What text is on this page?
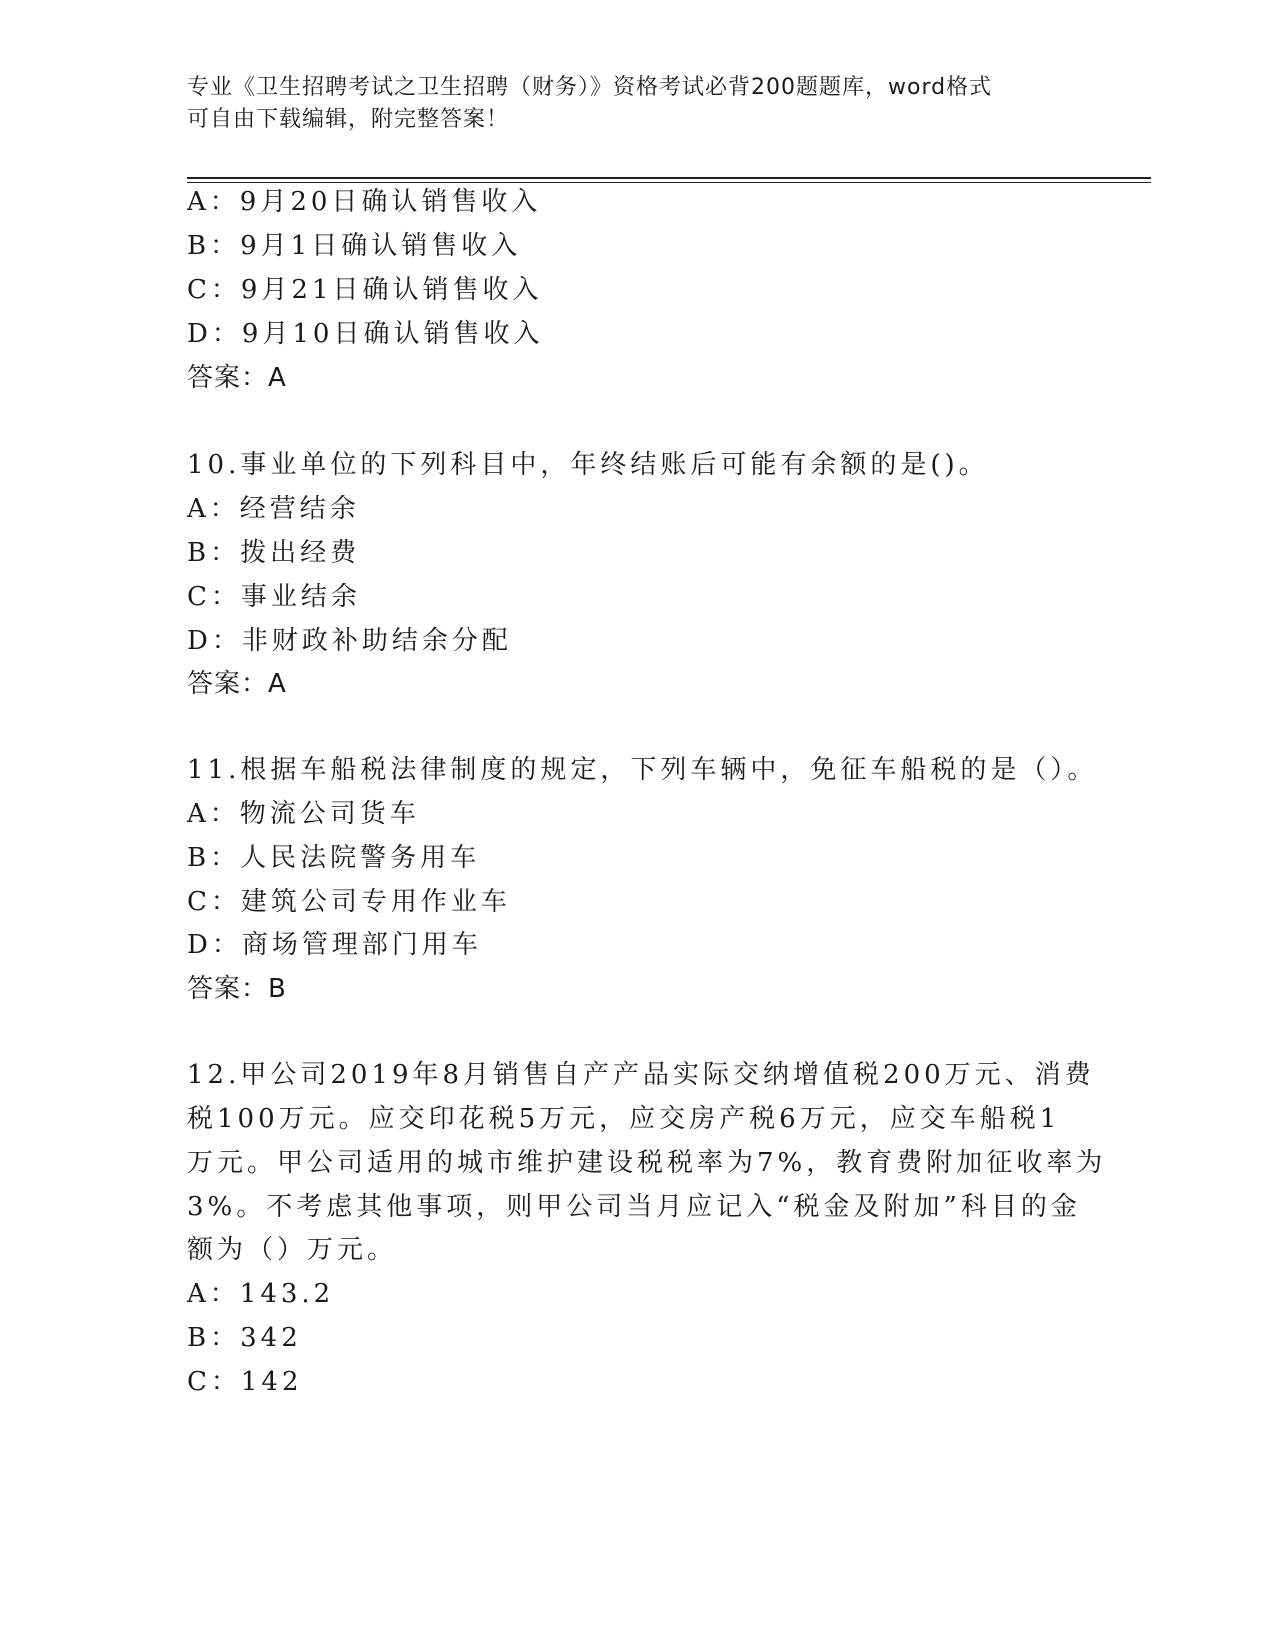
专业《卫生招聘考试之卫生招聘（财务）》资格考试必背200题题库，word格式
可自由下载编辑，附完整答案！
A：9月20日确认销售收入
B：9月1日确认销售收入
C：9月21日确认销售收入
D：9月10日确认销售收入
答案：A
10.事业单位的下列科目中，年终结账后可能有余额的是()。
A：经营结余
B：拨出经费
C：事业结余
D：非财政补助结余分配
答案：A
11.根据车船税法律制度的规定，下列车辆中，免征车船税的是（）。
A：物流公司货车
B：人民法院警务用车
C：建筑公司专用作业车
D：商场管理部门用车
答案：B
12.甲公司2019年8月销售自产产品实际交纳增值税200万元、消费
税100万元。应交印花税5万元，应交房产税6万元，应交车船税1
万元。甲公司适用的城市维护建设税税率为7%，教育费附加征收率为
3%。不考虑其他事项，则甲公司当月应记入“税金及附加”科目的金
额为（）万元。
A：143.2
B：342
C：142
